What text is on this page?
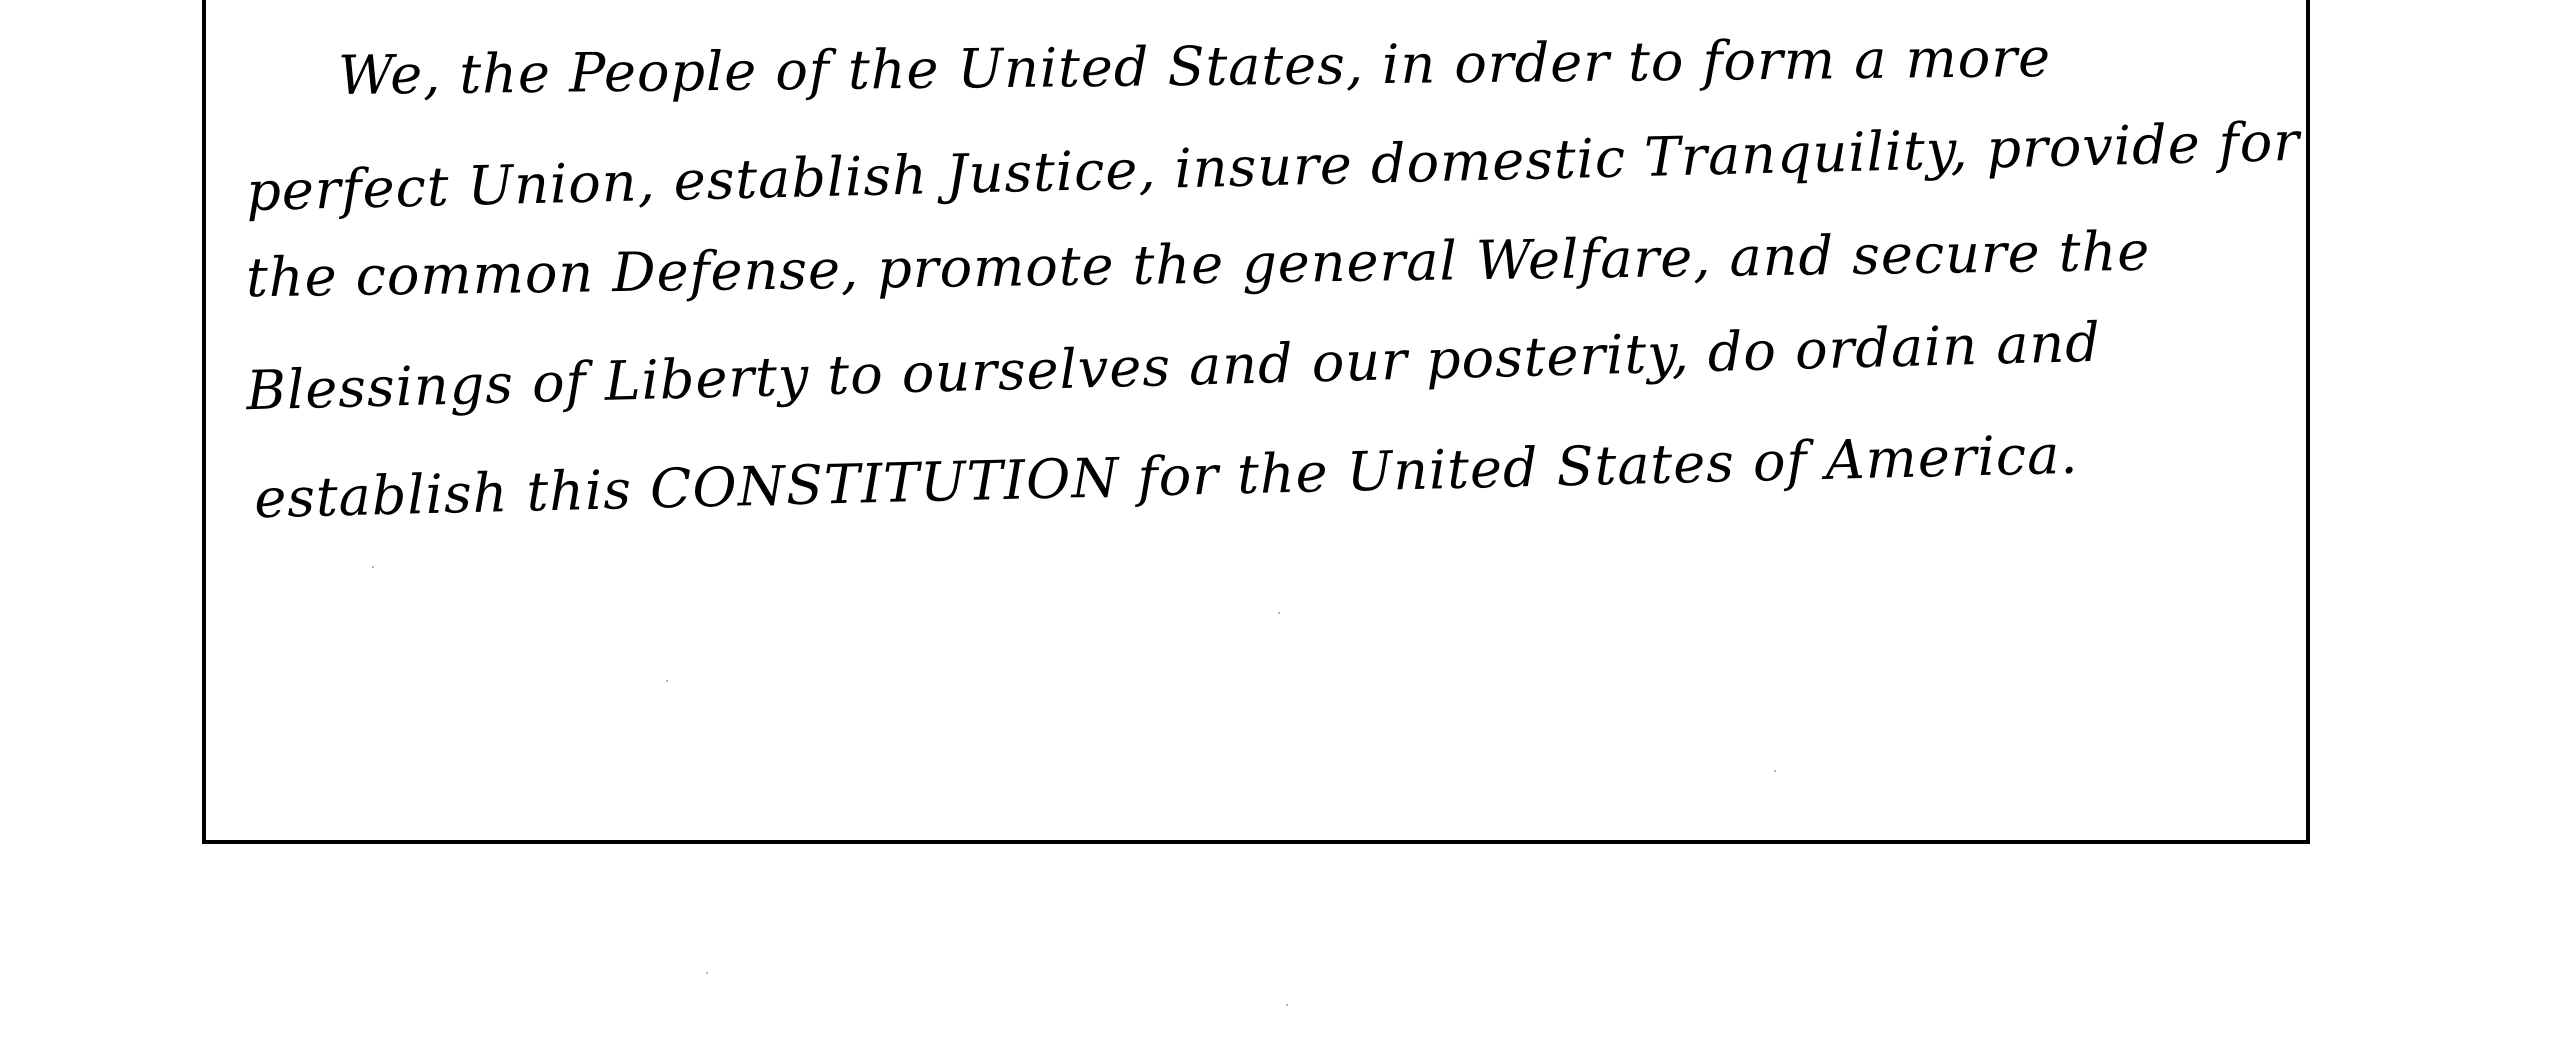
We, the People of the United States, in order to form a more

perfect Union, establish Justice, insure domestic Tranquility, provide for

the common Defense, promote the general Welfare, and secure the

Blessings of Liberty to ourselves and our posterity, do ordain and

establish this CONSTITUTION for the United States of America.
